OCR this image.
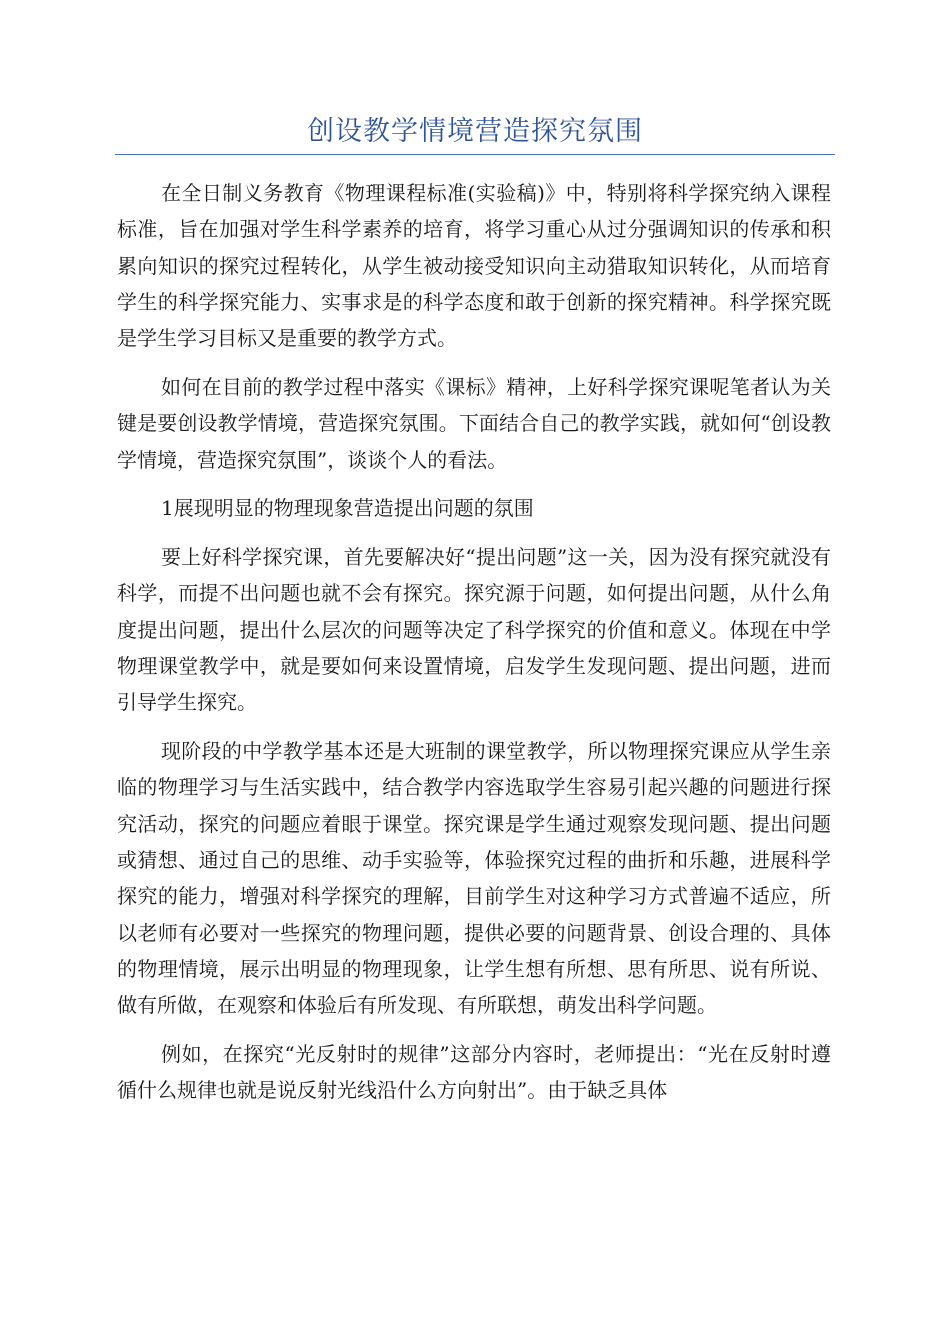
创设教学情境营造探究氛围

在全日制义务教育《物理课程标准(实验稿)》中，特别将科学探究纳入课程标准，旨在加强对学生科学素养的培育，将学习重心从过分强调知识的传承和积累向知识的探究过程转化，从学生被动接受知识向主动猎取知识转化，从而培育学生的科学探究能力、实事求是的科学态度和敢于创新的探究精神。科学探究既是学生学习目标又是重要的教学方式。

如何在目前的教学过程中落实《课标》精神，上好科学探究课呢笔者认为关键是要创设教学情境，营造探究氛围。下面结合自己的教学实践，就如何“创设教学情境，营造探究氛围”，谈谈个人的看法。

1展现明显的物理现象营造提出问题的氛围

要上好科学探究课，首先要解决好“提出问题”这一关，因为没有探究就没有科学，而提不出问题也就不会有探究。探究源于问题，如何提出问题，从什么角度提出问题，提出什么层次的问题等决定了科学探究的价值和意义。体现在中学物理课堂教学中，就是要如何来设置情境，启发学生发现问题、提出问题，进而引导学生探究。

现阶段的中学教学基本还是大班制的课堂教学，所以物理探究课应从学生亲临的物理学习与生活实践中，结合教学内容选取学生容易引起兴趣的问题进行探究活动，探究的问题应着眼于课堂。探究课是学生通过观察发现问题、提出问题或猜想、通过自己的思维、动手实验等，体验探究过程的曲折和乐趣，进展科学探究的能力，增强对科学探究的理解，目前学生对这种学习方式普遍不适应，所以老师有必要对一些探究的物理问题，提供必要的问题背景、创设合理的、具体的物理情境，展示出明显的物理现象，让学生想有所想、思有所思、说有所说、做有所做，在观察和体验后有所发现、有所联想，萌发出科学问题。

例如，在探究“光反射时的规律”这部分内容时，老师提出：“光在反射时遵循什么规律也就是说反射光线沿什么方向射出”。由于缺乏具体
